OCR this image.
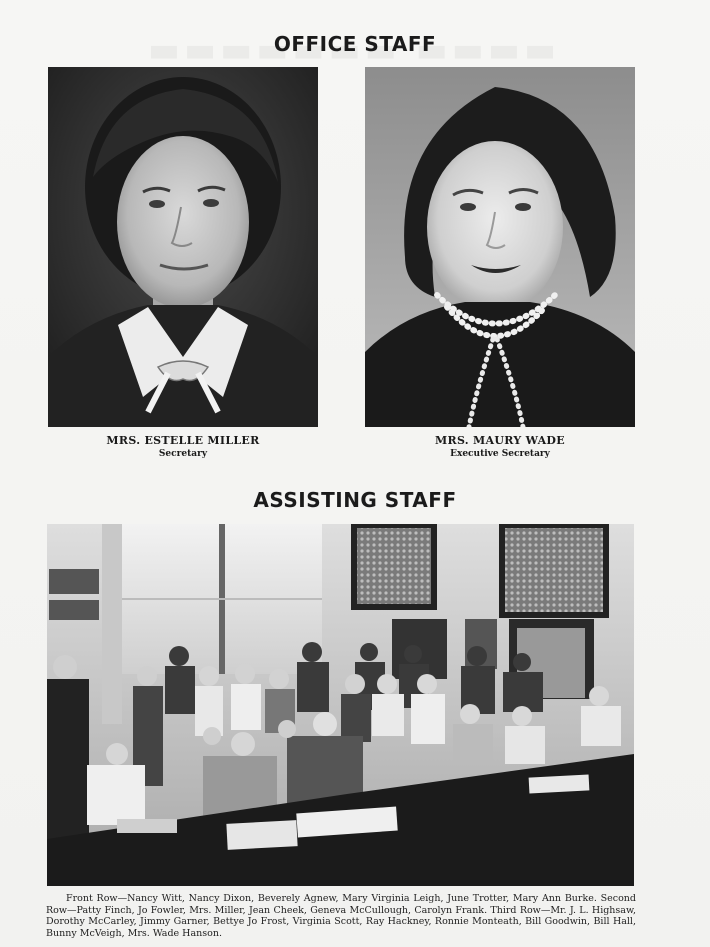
OFFICE STAFF
MRS. ESTELLE MILLER
Secretary
MRS. MAURY WADE
Executive Secretary
ASSISTING STAFF

Front Row—Nancy Witt, Nancy Dixon, Beverely Agnew, Mary Virginia Leigh, June Trotter, Mary Ann Burke. Second Row—Patty Finch, Jo Fowler, Mrs. Miller, Jean Cheek, Geneva McCullough, Carolyn Frank. Third Row—Mr. J. L. Highsaw, Dorothy McCarley, Jimmy Garner, Bettye Jo Frost, Virginia Scott, Ray Hackney, Ronnie Monteath, Bill Goodwin, Bill Hall, Bunny McVeigh, Mrs. Wade Hanson.
